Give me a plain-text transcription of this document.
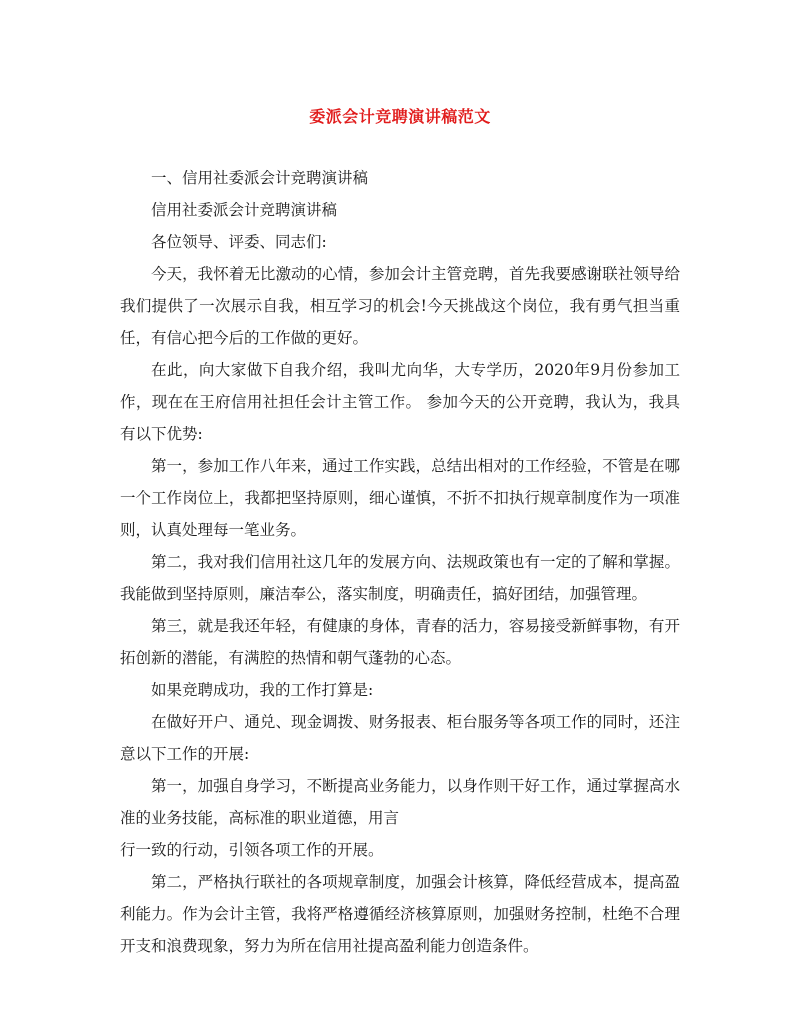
委派会计竞聘演讲稿范文

一、信用社委派会计竞聘演讲稿

信用社委派会计竞聘演讲稿

各位领导、评委、同志们:

今天，我怀着无比激动的心情，参加会计主管竞聘，首先我要感谢联社领导给我们提供了一次展示自我，相互学习的机会!今天挑战这个岗位，我有勇气担当重任，有信心把今后的工作做的更好。

在此，向大家做下自我介绍，我叫尤向华，大专学历，2020年9月份参加工作，现在在王府信用社担任会计主管工作。 参加今天的公开竞聘，我认为，我具有以下优势:

第一，参加工作八年来，通过工作实践，总结出相对的工作经验，不管是在哪一个工作岗位上，我都把坚持原则，细心谨慎，不折不扣执行规章制度作为一项准则，认真处理每一笔业务。

第二，我对我们信用社这几年的发展方向、法规政策也有一定的了解和掌握。我能做到坚持原则，廉洁奉公，落实制度，明确责任，搞好团结，加强管理。

第三，就是我还年轻，有健康的身体，青春的活力，容易接受新鲜事物，有开拓创新的潜能，有满腔的热情和朝气蓬勃的心态。

如果竞聘成功，我的工作打算是:

在做好开户、通兑、现金调拨、财务报表、柜台服务等各项工作的同时，还注意以下工作的开展:

第一，加强自身学习，不断提高业务能力，以身作则干好工作，通过掌握高水准的业务技能，高标准的职业道德，用言

行一致的行动，引领各项工作的开展。

第二，严格执行联社的各项规章制度，加强会计核算，降低经营成本，提高盈利能力。作为会计主管，我将严格遵循经济核算原则，加强财务控制，杜绝不合理开支和浪费现象，努力为所在信用社提高盈利能力创造条件。
